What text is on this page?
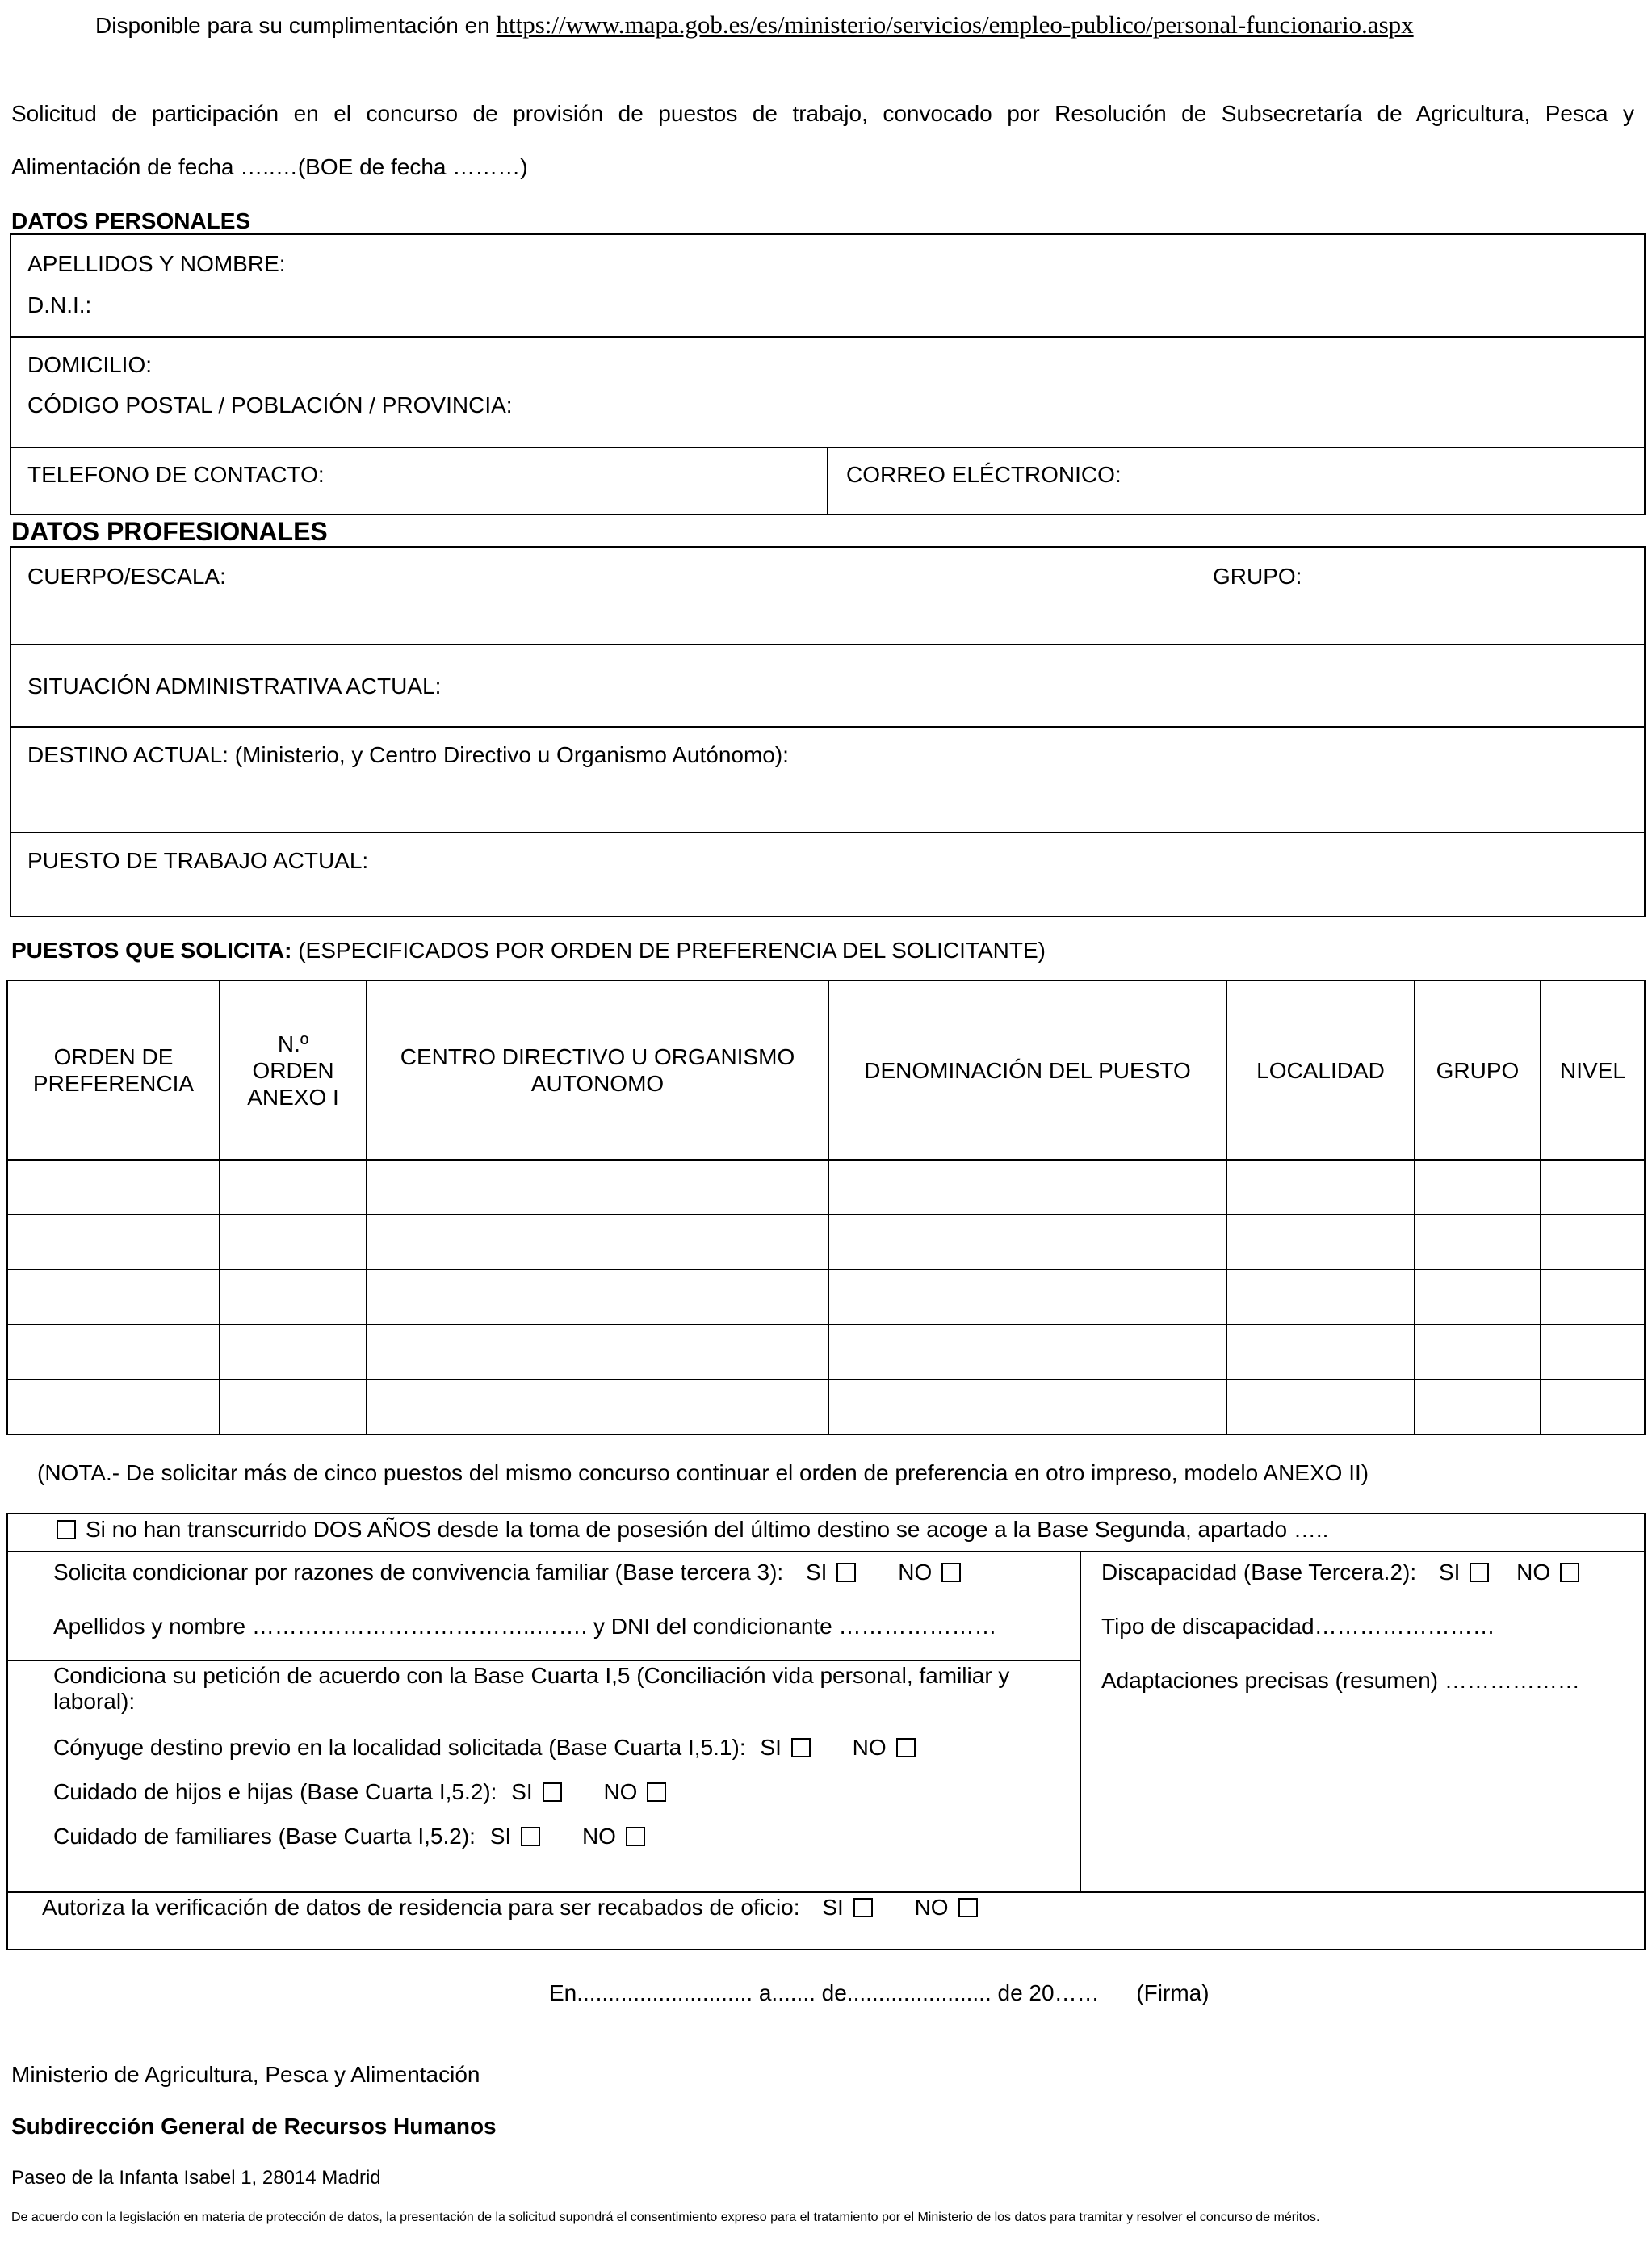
Disponible para su cumplimentación en https://www.mapa.gob.es/es/ministerio/servicios/empleo-publico/personal-funcionario.aspx
Solicitud de participación en el concurso de provisión de puestos de trabajo, convocado por Resolución de Subsecretaría de Agricultura, Pesca y
Alimentación de fecha …..…(BOE de fecha ………)
DATOS PERSONALES
APELLIDOS Y NOMBRE:
D.N.I.:
DOMICILIO:
CÓDIGO POSTAL / POBLACIÓN / PROVINCIA:
TELEFONO DE CONTACTO:	CORREO ELÉCTRONICO:
DATOS PROFESIONALES
CUERPO/ESCALA:	GRUPO:
SITUACIÓN ADMINISTRATIVA ACTUAL:
DESTINO ACTUAL: (Ministerio, y Centro Directivo u Organismo Autónomo):
PUESTO DE TRABAJO ACTUAL:
PUESTOS QUE SOLICITA: (ESPECIFICADOS POR ORDEN DE PREFERENCIA DEL SOLICITANTE)
ORDEN DE PREFERENCIA	N.º ORDEN ANEXO I	CENTRO DIRECTIVO U ORGANISMO AUTONOMO	DENOMINACIÓN DEL PUESTO	LOCALIDAD	GRUPO	NIVEL

(NOTA.- De solicitar más de cinco puestos del mismo concurso continuar el orden de preferencia en otro impreso, modelo ANEXO II)
Si no han transcurrido DOS AÑOS desde la toma de posesión del último destino se acoge a la Base Segunda, apartado …..
Solicita condicionar por razones de convivencia familiar (Base tercera 3): SI	NO
Apellidos y nombre ………………………………..……. y DNI del condicionante …………………
Condiciona su petición de acuerdo con la Base Cuarta I,5 (Conciliación vida personal, familiar y
laboral):
Cónyuge destino previo en la localidad solicitada (Base Cuarta I,5.1): SI	NO
Cuidado de hijos e hijas (Base Cuarta I,5.2): SI	NO
Cuidado de familiares (Base Cuarta I,5.2): SI	NO
Discapacidad (Base Tercera.2): SI NO
Tipo de discapacidad……………………
Adaptaciones precisas (resumen) ………………
Autoriza la verificación de datos de residencia para ser recabados de oficio: SI	NO
En............................ a....... de....................... de 20…… (Firma)
Ministerio de Agricultura, Pesca y Alimentación
Subdirección General de Recursos Humanos
Paseo de la Infanta Isabel 1, 28014 Madrid
De acuerdo con la legislación en materia de protección de datos, la presentación de la solicitud supondrá el consentimiento expreso para el tratamiento por el Ministerio de los datos para tramitar y resolver el concurso de méritos.
